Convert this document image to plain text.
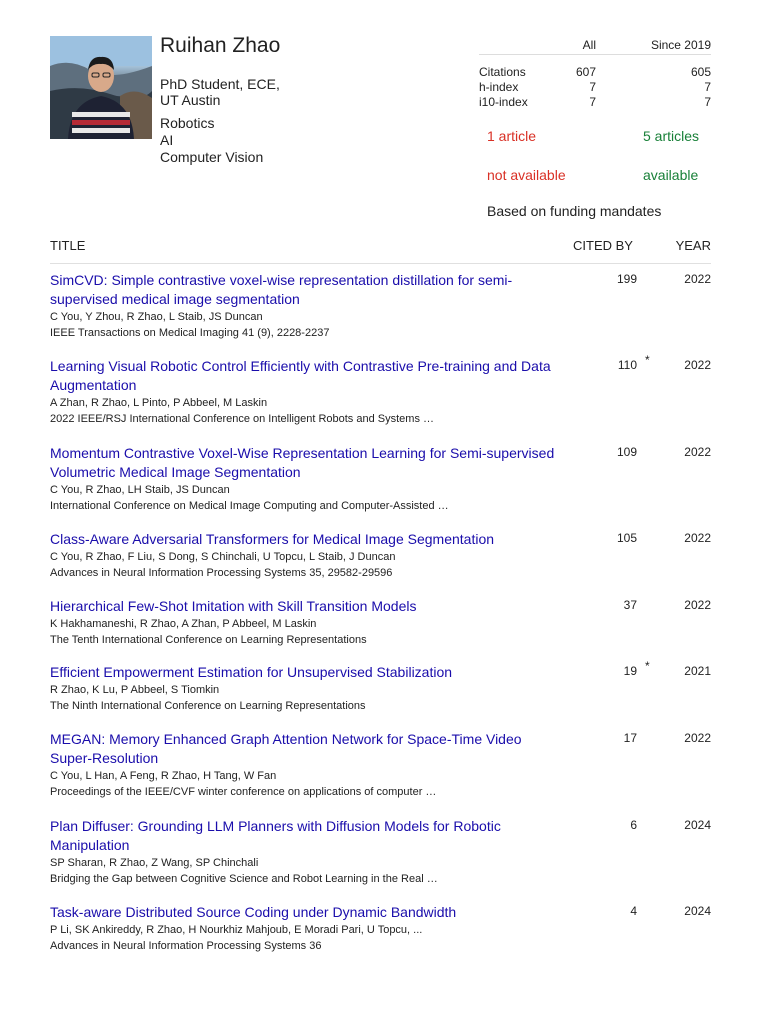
Ruihan Zhao
PhD Student, ECE,
UT Austin
Robotics
AI
Computer Vision
All	Since 2019
Citations	607	605
h-index	7	7
i10-index	7	7
1 article	5 articles
not available	available
Based on funding mandates
TITLE	CITED BY	YEAR
SimCVD: Simple contrastive voxel-wise representation distillation for semi-supervised medical image segmentation
C You, Y Zhou, R Zhao, L Staib, JS Duncan
IEEE Transactions on Medical Imaging 41 (9), 2228-2237
199	2022
Learning Visual Robotic Control Efficiently with Contrastive Pre-training and Data Augmentation
A Zhan, R Zhao, L Pinto, P Abbeel, M Laskin
2022 IEEE/RSJ International Conference on Intelligent Robots and Systems …
110 *	2022
Momentum Contrastive Voxel-Wise Representation Learning for Semi-supervised Volumetric Medical Image Segmentation
C You, R Zhao, LH Staib, JS Duncan
International Conference on Medical Image Computing and Computer-Assisted …
109	2022
Class-Aware Adversarial Transformers for Medical Image Segmentation
C You, R Zhao, F Liu, S Dong, S Chinchali, U Topcu, L Staib, J Duncan
Advances in Neural Information Processing Systems 35, 29582-29596
105	2022
Hierarchical Few-Shot Imitation with Skill Transition Models
K Hakhamaneshi, R Zhao, A Zhan, P Abbeel, M Laskin
The Tenth International Conference on Learning Representations
37	2022
Efficient Empowerment Estimation for Unsupervised Stabilization
R Zhao, K Lu, P Abbeel, S Tiomkin
The Ninth International Conference on Learning Representations
19 *	2021
MEGAN: Memory Enhanced Graph Attention Network for Space-Time Video Super-Resolution
C You, L Han, A Feng, R Zhao, H Tang, W Fan
Proceedings of the IEEE/CVF winter conference on applications of computer …
17	2022
Plan Diffuser: Grounding LLM Planners with Diffusion Models for Robotic Manipulation
SP Sharan, R Zhao, Z Wang, SP Chinchali
Bridging the Gap between Cognitive Science and Robot Learning in the Real …
6	2024
Task-aware Distributed Source Coding under Dynamic Bandwidth
P Li, SK Ankireddy, R Zhao, H Nourkhiz Mahjoub, E Moradi Pari, U Topcu, ...
Advances in Neural Information Processing Systems 36
4	2024
